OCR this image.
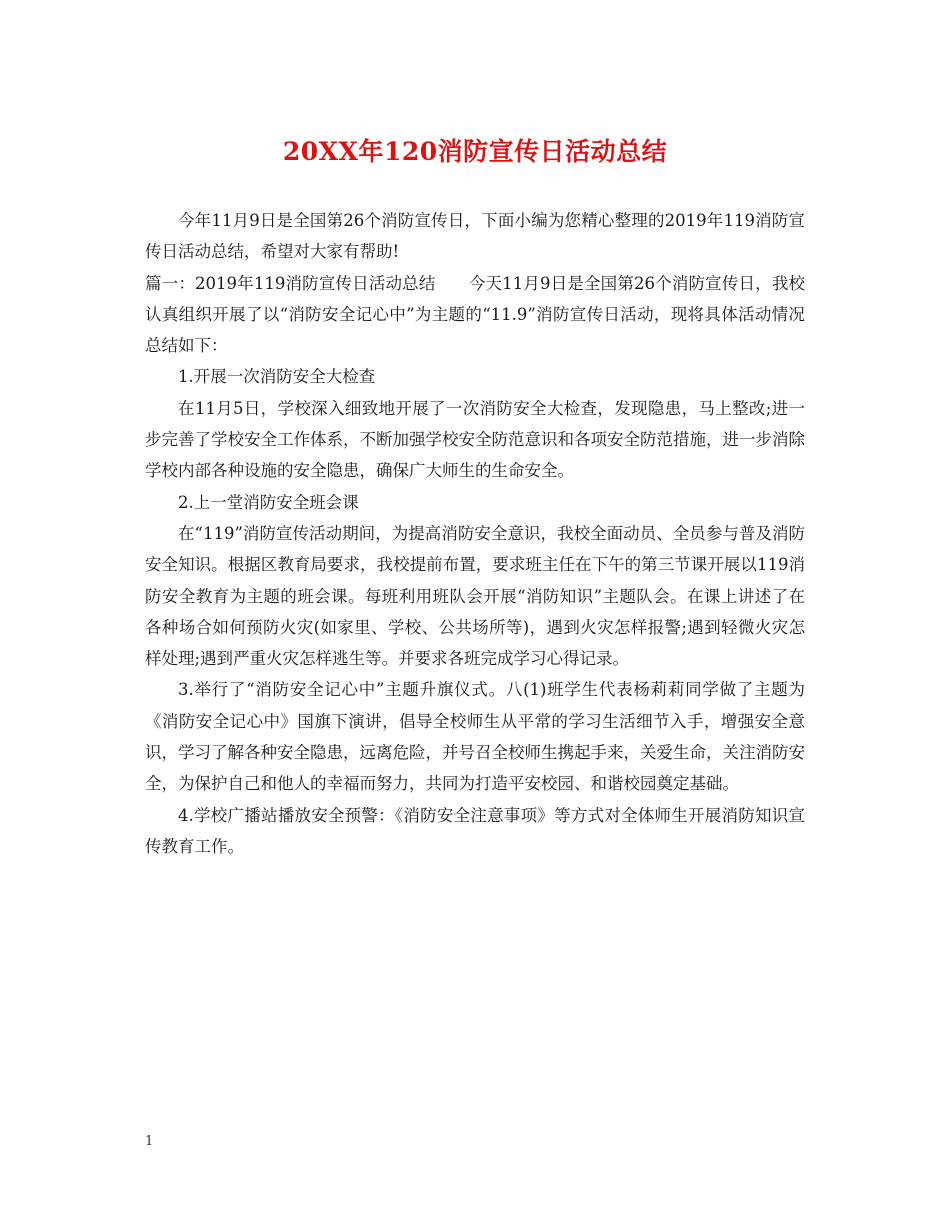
20XX年120消防宣传日活动总结

今年11月9日是全国第26个消防宣传日，下面小编为您精心整理的2019年119消防宣传日活动总结，希望对大家有帮助!

篇一：2019年119消防宣传日活动总结　　今天11月9日是全国第26个消防宣传日，我校认真组织开展了以“消防安全记心中”为主题的“11.9”消防宣传日活动，现将具体活动情况总结如下：

1.开展一次消防安全大检查

在11月5日，学校深入细致地开展了一次消防安全大检查，发现隐患，马上整改;进一步完善了学校安全工作体系，不断加强学校安全防范意识和各项安全防范措施，进一步消除学校内部各种设施的安全隐患，确保广大师生的生命安全。

2.上一堂消防安全班会课

在“119”消防宣传活动期间，为提高消防安全意识，我校全面动员、全员参与普及消防安全知识。根据区教育局要求，我校提前布置，要求班主任在下午的第三节课开展以119消防安全教育为主题的班会课。每班利用班队会开展“消防知识”主题队会。在课上讲述了在各种场合如何预防火灾(如家里、学校、公共场所等)，遇到火灾怎样报警;遇到轻微火灾怎样处理;遇到严重火灾怎样逃生等。并要求各班完成学习心得记录。

3.举行了“消防安全记心中”主题升旗仪式。八(1)班学生代表杨莉莉同学做了主题为《消防安全记心中》国旗下演讲，倡导全校师生从平常的学习生活细节入手，增强安全意识，学习了解各种安全隐患，远离危险，并号召全校师生携起手来，关爱生命，关注消防安全，为保护自己和他人的幸福而努力，共同为打造平安校园、和谐校园奠定基础。

4.学校广播站播放安全预警：《消防安全注意事项》等方式对全体师生开展消防知识宣传教育工作。

1
